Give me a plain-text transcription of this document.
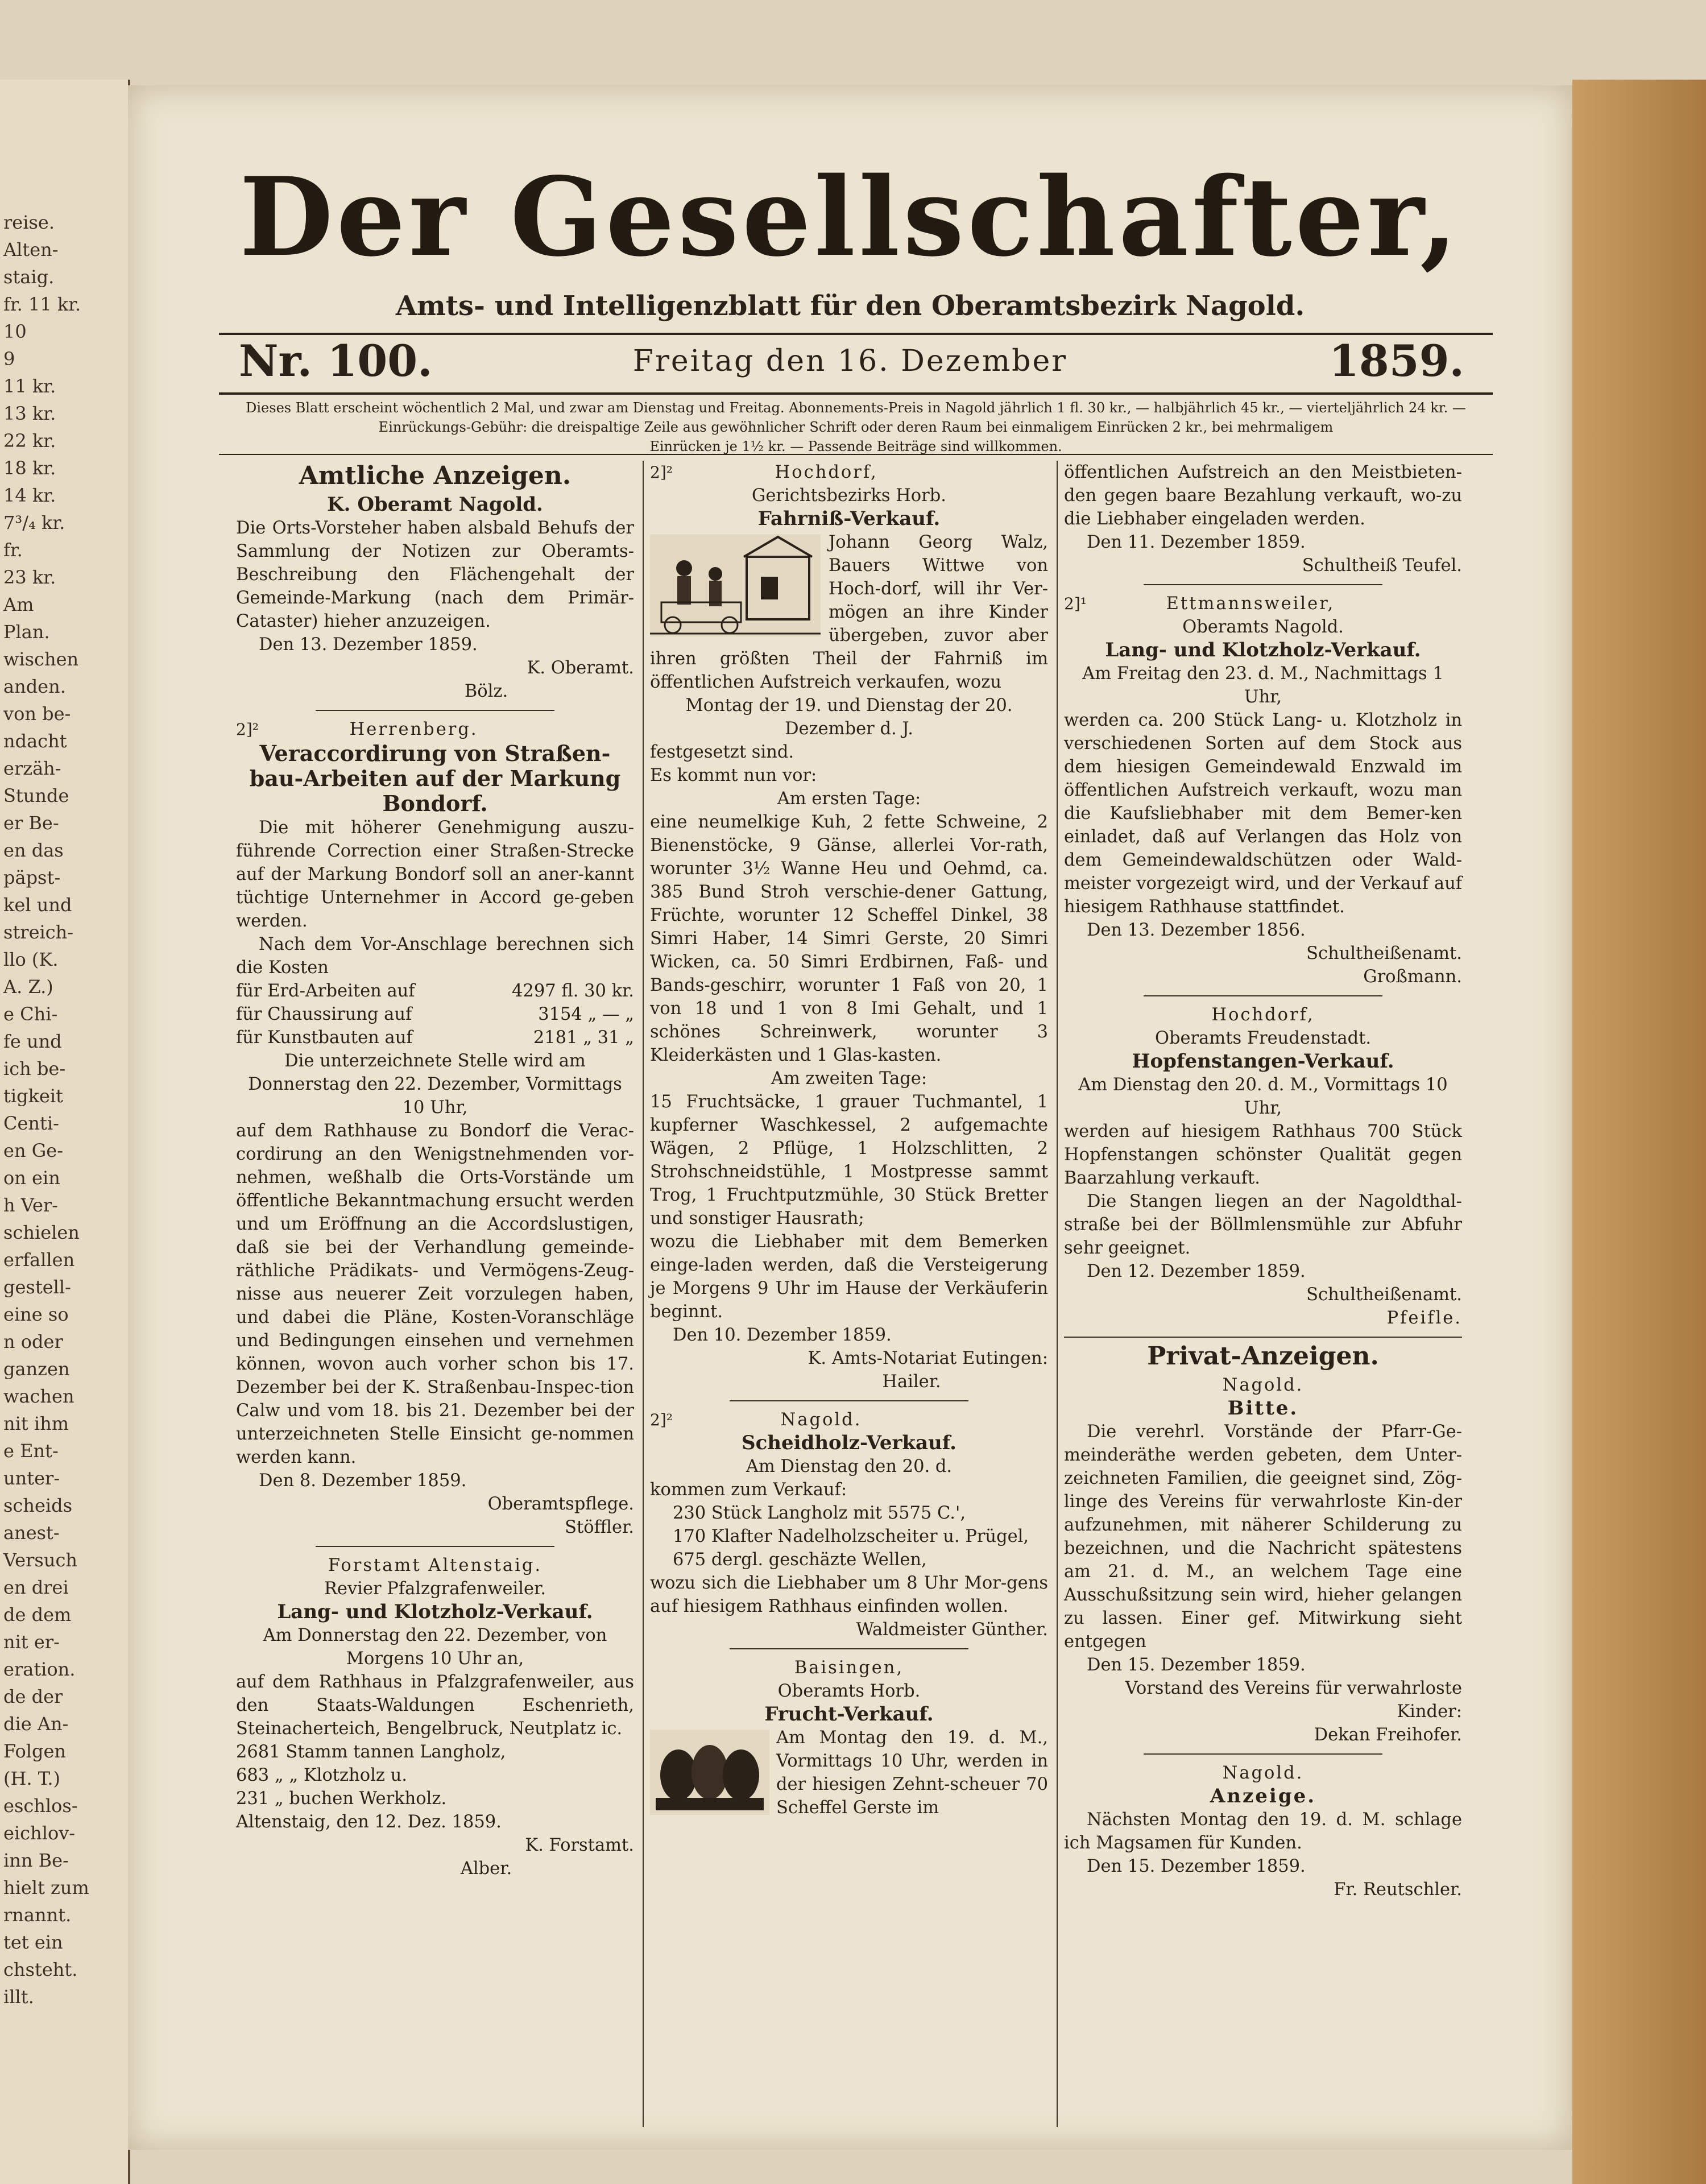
reise.
Alten-
staig.
fr. 11 kr.
10
9
11 kr.
13 kr.
22 kr.
18 kr.
14 kr.
7³/₄ kr.
fr.
23 kr.
Am
Plan.
wischen
anden.
von be-
ndacht
erzäh-
Stunde
er Be-
en das
päpst-
kel und
streich-
llo (K.
A. Z.)
e Chi-
fe und
ich be-
tigkeit
Centi-
en Ge-
on ein
h Ver-
schielen
erfallen
gestell-
eine so
n oder
ganzen
wachen
nit ihm
e Ent-
unter-
scheids
anest-
Versuch
en drei
de dem
nit er-
eration.
de der
die An-
Folgen
(H. T.)
eschlos-
eichlov-
inn Be-
hielt zum
rnannt.
tet ein
chsteht.
illt.
Der Gesellschafter,
Amts- und Intelligenzblatt für den Oberamtsbezirk Nagold.
Nr. 100.	Freitag den 16. Dezember	1859.
Dieses Blatt erscheint wöchentlich 2 Mal, und zwar am Dienstag und Freitag. Abonnements-Preis in Nagold jährlich 1 fl. 30 kr., — halbjährlich 45 kr., — vierteljährlich 24 kr. — Einrückungs-Gebühr: die dreispaltige Zeile aus gewöhnlicher Schrift oder deren Raum bei einmaligem Einrücken 2 kr., bei mehrmaligem
Einrücken je 1½ kr. — Passende Beiträge sind willkommen.
Amtliche Anzeigen.
K. Oberamt Nagold.

Die Orts-Vorsteher haben alsbald Behufs der Sammlung der Notizen zur Oberamts-Beschreibung den Flächengehalt der Gemeinde-Markung (nach dem Primär-Cataster) hieher anzuzeigen.

Den 13. Dezember 1859.

K. Oberamt.

Bölz.

2]²	Herrenberg.

Veraccordirung von Straßen-bau-Arbeiten auf der Markung Bondorf.

Die mit höherer Genehmigung auszu-führende Correction einer Straßen-Strecke auf der Markung Bondorf soll an aner-kannt tüchtige Unternehmer in Accord ge-geben werden.

Nach dem Vor-Anschlage berechnen sich die Kosten

für Erd-Arbeiten auf	4297 fl. 30 kr.
für Chaussirung auf	3154 „ — „
für Kunstbauten auf	2181 „ 31 „

Die unterzeichnete Stelle wird am Donnerstag den 22. Dezember, Vormittags 10 Uhr,

auf dem Rathhause zu Bondorf die Verac-cordirung an den Wenigstnehmenden vor-nehmen, weßhalb die Orts-Vorstände um öffentliche Bekanntmachung ersucht werden und um Eröffnung an die Accordslustigen, daß sie bei der Verhandlung gemeinde-räthliche Prädikats- und Vermögens-Zeug-nisse aus neuerer Zeit vorzulegen haben, und dabei die Pläne, Kosten-Voranschläge und Bedingungen einsehen und vernehmen können, wovon auch vorher schon bis 17. Dezember bei der K. Straßenbau-Inspec-tion Calw und vom 18. bis 21. Dezember bei der unterzeichneten Stelle Einsicht ge-nommen werden kann.

Den 8. Dezember 1859.

Oberamtspflege.

Stöffler.

Forstamt Altenstaig.

Revier Pfalzgrafenweiler.

Lang- und Klotzholz-Verkauf.

Am Donnerstag den 22. Dezember, von Morgens 10 Uhr an,

auf dem Rathhaus in Pfalzgrafenweiler, aus den Staats-Waldungen Eschenrieth, Steinacherteich, Bengelbruck, Neutplatz ic.

2681 Stamm tannen Langholz,

683 „ „ Klotzholz u.

231 „ buchen Werkholz.

Altenstaig, den 12. Dez. 1859.

K. Forstamt.

Alber.

2]²	Hochdorf,

Gerichtsbezirks Horb.

Fahrniß-Verkauf.

Johann Georg Walz, Bauers Wittwe von Hoch-dorf, will ihr Ver-mögen an ihre Kinder übergeben, zuvor aber ihren größten Theil der Fahrniß im öffentlichen Aufstreich verkaufen, wozu

Montag der 19. und Dienstag der 20. Dezember d. J.

festgesetzt sind.

Es kommt nun vor:

Am ersten Tage:

eine neumelkige Kuh, 2 fette Schweine, 2 Bienenstöcke, 9 Gänse, allerlei Vor-rath, worunter 3½ Wanne Heu und Oehmd, ca. 385 Bund Stroh verschie-dener Gattung, Früchte, worunter 12 Scheffel Dinkel, 38 Simri Haber, 14 Simri Gerste, 20 Simri Wicken, ca. 50 Simri Erdbirnen, Faß- und Bands-geschirr, worunter 1 Faß von 20, 1 von 18 und 1 von 8 Imi Gehalt, und 1 schönes Schreinwerk, worunter 3 Kleiderkästen und 1 Glas-kasten.

Am zweiten Tage:

15 Fruchtsäcke, 1 grauer Tuchmantel, 1 kupferner Waschkessel, 2 aufgemachte Wägen, 2 Pflüge, 1 Holzschlitten, 2 Strohschneidstühle, 1 Mostpresse sammt Trog, 1 Fruchtputzmühle, 30 Stück Bretter und sonstiger Hausrath;

wozu die Liebhaber mit dem Bemerken einge-laden werden, daß die Versteigerung je Morgens 9 Uhr im Hause der Verkäuferin beginnt.

Den 10. Dezember 1859.

K. Amts-Notariat Eutingen:

Hailer.

2]²	Nagold.

Scheidholz-Verkauf.

Am Dienstag den 20. d.

kommen zum Verkauf:

230 Stück Langholz mit 5575 C.',

170 Klafter Nadelholzscheiter u. Prügel,

675 dergl. geschäzte Wellen,

wozu sich die Liebhaber um 8 Uhr Mor-gens auf hiesigem Rathhaus einfinden wollen.

Waldmeister Günther.

Baisingen,

Oberamts Horb.

Frucht-Verkauf.

Am Montag den 19. d. M., Vormittags 10 Uhr, werden in der hiesigen Zehnt-scheuer 70 Scheffel Gerste im

öffentlichen Aufstreich an den Meistbieten-den gegen baare Bezahlung verkauft, wo-zu die Liebhaber eingeladen werden.

Den 11. Dezember 1859.

Schultheiß Teufel.

2]¹	Ettmannsweiler,

Oberamts Nagold.

Lang- und Klotzholz-Verkauf.

Am Freitag den 23. d. M., Nachmittags 1 Uhr,

werden ca. 200 Stück Lang- u. Klotzholz in verschiedenen Sorten auf dem Stock aus dem hiesigen Gemeindewald Enzwald im öffentlichen Aufstreich verkauft, wozu man die Kaufsliebhaber mit dem Bemer-ken einladet, daß auf Verlangen das Holz von dem Gemeindewaldschützen oder Wald-meister vorgezeigt wird, und der Verkauf auf hiesigem Rathhause stattfindet.

Den 13. Dezember 1856.

Schultheißenamt.

Großmann.

Hochdorf,

Oberamts Freudenstadt.

Hopfenstangen-Verkauf.

Am Dienstag den 20. d. M., Vormittags 10 Uhr,

werden auf hiesigem Rathhaus 700 Stück Hopfenstangen schönster Qualität gegen Baarzahlung verkauft.

Die Stangen liegen an der Nagoldthal-straße bei der Böllmlensmühle zur Abfuhr sehr geeignet.

Den 12. Dezember 1859.

Schultheißenamt.

Pfeifle.

Privat-Anzeigen.

Nagold.

Bitte.

Die verehrl. Vorstände der Pfarr-Ge-meinderäthe werden gebeten, dem Unter-zeichneten Familien, die geeignet sind, Zög-linge des Vereins für verwahrloste Kin-der aufzunehmen, mit näherer Schilderung zu bezeichnen, und die Nachricht spätestens am 21. d. M., an welchem Tage eine Ausschußsitzung sein wird, hieher gelangen zu lassen. Einer gef. Mitwirkung sieht entgegen

Den 15. Dezember 1859.

Vorstand des Vereins für verwahrloste Kinder:

Dekan Freihofer.

Nagold.

Anzeige.

Nächsten Montag den 19. d. M. schlage ich Magsamen für Kunden.

Den 15. Dezember 1859.

Fr. Reutschler.
